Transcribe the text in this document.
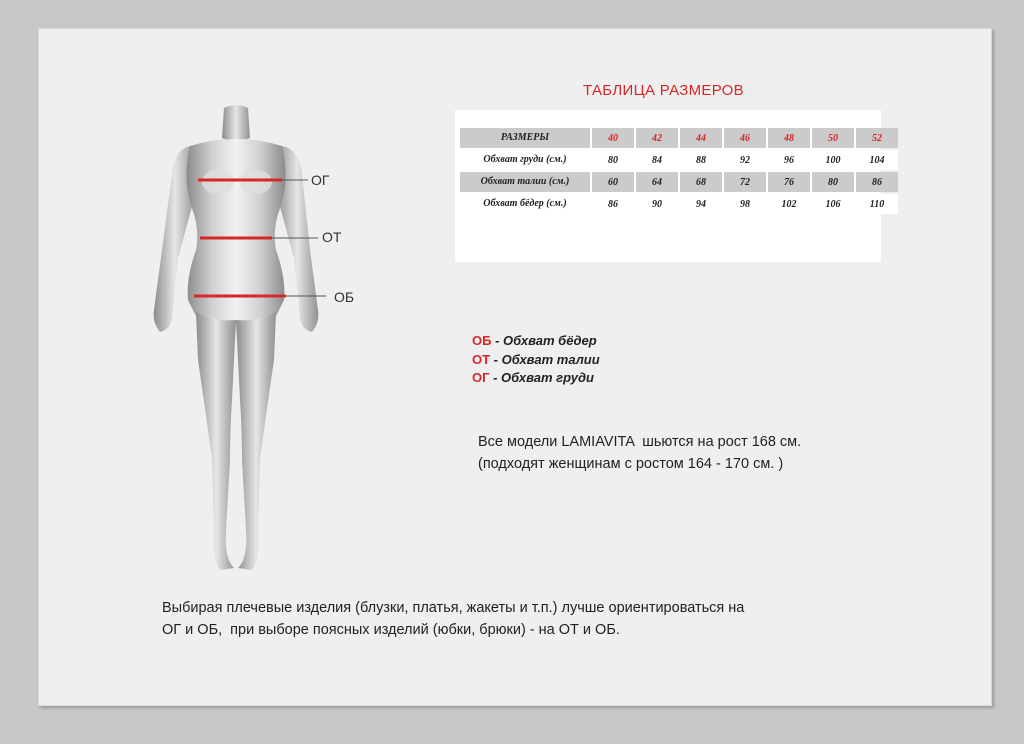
ТАБЛИЦА РАЗМЕРОВ
РАЗМЕРЫ	40	42	44	46	48	50	52
Обхват груди (см.)	80	84	88	92	96	100	104
Обхват талии (см.)	60	64	68	72	76	80	86
Обхват бёдер (см.)	86	90	94	98	102	106	110
ОГ
ОТ
ОБ
ОБ - Обхват бёдер
ОТ - Обхват талии
ОГ - Обхват груди
Все модели LAMIAVITA  шьются на рост 168 см.
(подходят женщинам с ростом 164 - 170 см. )
Выбирая плечевые изделия (блузки, платья, жакеты и т.п.) лучше ориентироваться на
ОГ и ОБ,  при выборе поясных изделий (юбки, брюки) - на ОТ и ОБ.
